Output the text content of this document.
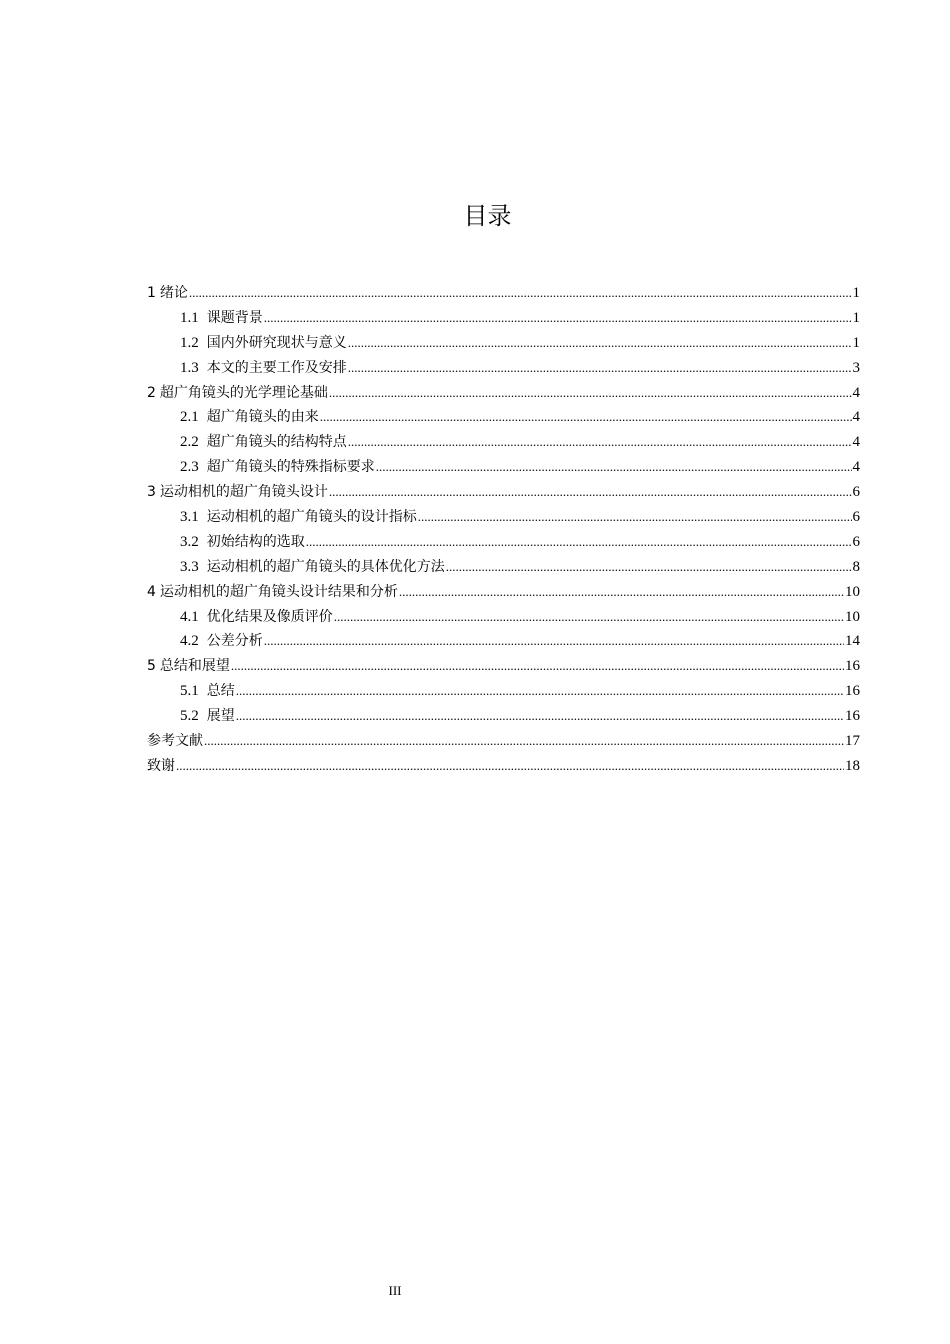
目录
1 绪论 .....	1
1.1 课题背景 .....	1
1.2 国内外研究现状与意义 .....	1
1.3 本文的主要工作及安排 .....	3
2 超广角镜头的光学理论基础 .....	4
2.1 超广角镜头的由来 .....	4
2.2 超广角镜头的结构特点 .....	4
2.3 超广角镜头的特殊指标要求 .....	4
3 运动相机的超广角镜头设计 .....	6
3.1 运动相机的超广角镜头的设计指标 .....	6
3.2 初始结构的选取 .....	6
3.3 运动相机的超广角镜头的具体优化方法 .....	8
4 运动相机的超广角镜头设计结果和分析 .....	10
4.1 优化结果及像质评价 .....	10
4.2 公差分析 .....	14
5 总结和展望 .....	16
5.1 总结 .....	16
5.2 展望 .....	16
参考文献 .....	17
致谢 .....	18
III
